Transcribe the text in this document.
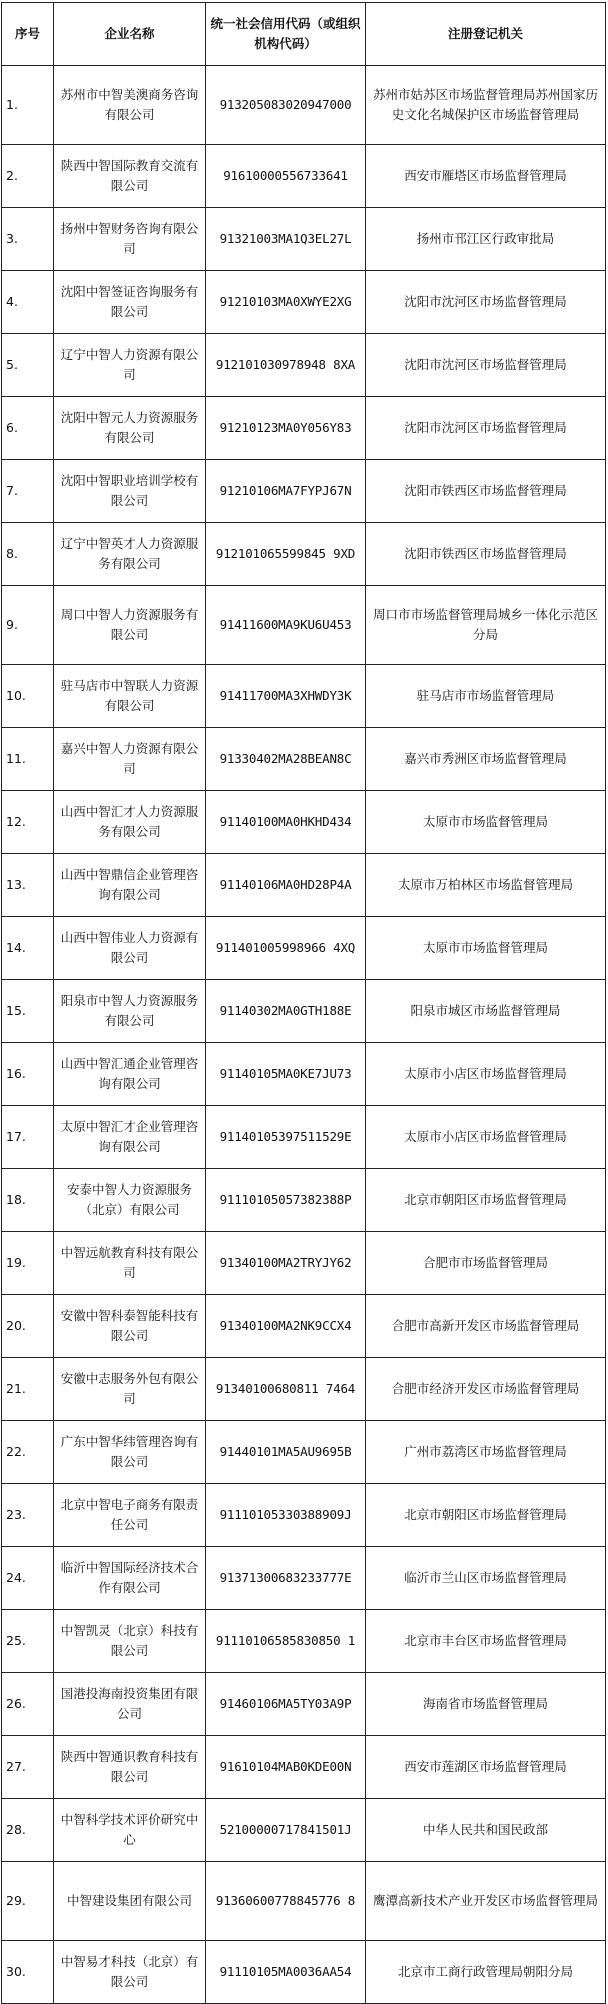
序号	企业名称	统一社会信用代码（或组织机构代码）	注册登记机关
1.	苏州市中智美澳商务咨询有限公司	913205083020947000	苏州市姑苏区市场监督管理局苏州国家历史文化名城保护区市场监督管理局
2.	陕西中智国际教育交流有限公司	91610000556733641	西安市雁塔区市场监督管理局
3.	扬州中智财务咨询有限公司	91321003MA1Q3EL27L	扬州市邗江区行政审批局
4.	沈阳中智签证咨询服务有限公司	91210103MA0XWYE2XG	沈阳市沈河区市场监督管理局
5.	辽宁中智人力资源有限公司	912101030978948 8XA	沈阳市沈河区市场监督管理局
6.	沈阳中智元人力资源服务有限公司	91210123MA0Y056Y83	沈阳市沈河区市场监督管理局
7.	沈阳中智职业培训学校有限公司	91210106MA7FYPJ67N	沈阳市铁西区市场监督管理局
8.	辽宁中智英才人力资源服务有限公司	912101065599845 9XD	沈阳市铁西区市场监督管理局
9.	周口中智人力资源服务有限公司	91411600MA9KU6U453	周口市市场监督管理局城乡一体化示范区分局
10.	驻马店市中智联人力资源有限公司	91411700MA3XHWDY3K	驻马店市市场监督管理局
11.	嘉兴中智人力资源有限公司	91330402MA28BEAN8C	嘉兴市秀洲区市场监督管理局
12.	山西中智汇才人力资源服务有限公司	91140100MA0HKHD434	太原市市场监督管理局
13.	山西中智鼎信企业管理咨询有限公司	91140106MA0HD28P4A	太原市万柏林区市场监督管理局
14.	山西中智伟业人力资源有限公司	911401005998966 4XQ	太原市市场监督管理局
15.	阳泉市中智人力资源服务有限公司	91140302MA0GTH188E	阳泉市城区市场监督管理局
16.	山西中智汇通企业管理咨询有限公司	91140105MA0KE7JU73	太原市小店区市场监督管理局
17.	太原中智汇才企业管理咨询有限公司	91140105397511529E	太原市小店区市场监督管理局
18.	安泰中智人力资源服务（北京）有限公司	91110105057382388P	北京市朝阳区市场监督管理局
19.	中智远航教育科技有限公司	91340100MA2TRYJY62	合肥市市场监督管理局
20.	安徽中智科泰智能科技有限公司	91340100MA2NK9CCX4	合肥市高新开发区市场监督管理局
21.	安徽中志服务外包有限公司	91340100680811 7464	合肥市经济开发区市场监督管理局
22.	广东中智华纬管理咨询有限公司	91440101MA5AU9695B	广州市荔湾区市场监督管理局
23.	北京中智电子商务有限责任公司	91110105330388909J	北京市朝阳区市场监督管理局
24.	临沂中智国际经济技术合作有限公司	91371300683233777E	临沂市兰山区市场监督管理局
25.	中智凯灵（北京）科技有限公司	91110106585830850 1	北京市丰台区市场监督管理局
26.	国港投海南投资集团有限公司	91460106MA5TY03A9P	海南省市场监督管理局
27.	陕西中智通识教育科技有限公司	91610104MAB0KDE00N	西安市莲湖区市场监督管理局
28.	中智科学技术评价研究中心	52100000717841501J	中华人民共和国民政部
29.	中智建设集团有限公司	91360600778845776 8	鹰潭高新技术产业开发区市场监督管理局
30.	中智易才科技（北京）有限公司	91110105MA0036AA54	北京市工商行政管理局朝阳分局
